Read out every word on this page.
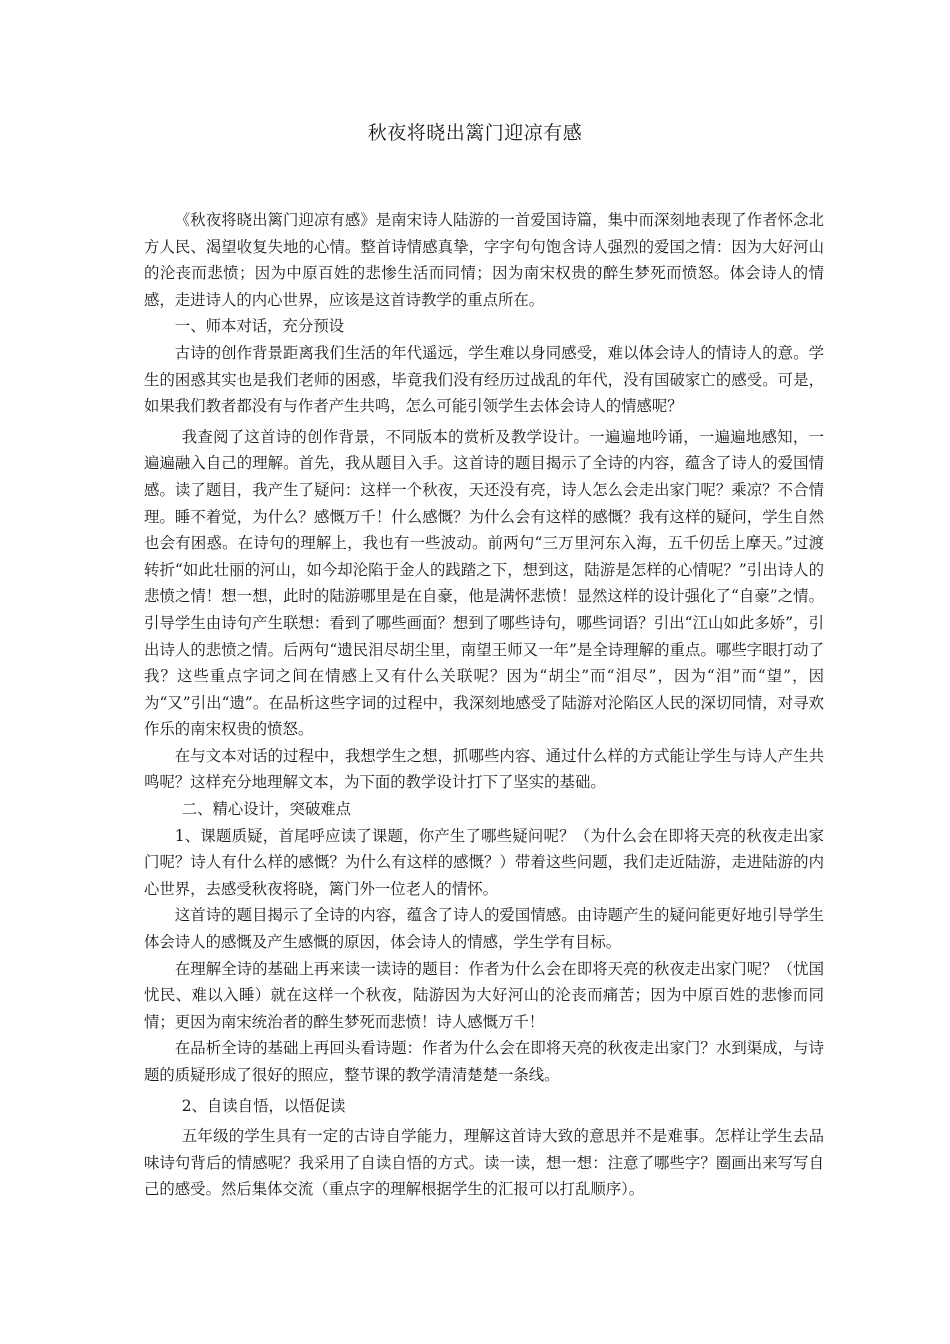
秋夜将晓出篱门迎凉有感

《秋夜将晓出篱门迎凉有感》是南宋诗人陆游的一首爱国诗篇，集中而深刻地表现了作者怀念北方人民、渴望收复失地的心情。整首诗情感真挚，字字句句饱含诗人强烈的爱国之情：因为大好河山的沦丧而悲愤；因为中原百姓的悲惨生活而同情；因为南宋权贵的醉生梦死而愤怒。体会诗人的情感，走进诗人的内心世界，应该是这首诗教学的重点所在。

一、师本对话，充分预设

古诗的创作背景距离我们生活的年代遥远，学生难以身同感受，难以体会诗人的情诗人的意。学生的困惑其实也是我们老师的困惑，毕竟我们没有经历过战乱的年代，没有国破家亡的感受。可是，如果我们教者都没有与作者产生共鸣，怎么可能引领学生去体会诗人的情感呢？

我查阅了这首诗的创作背景，不同版本的赏析及教学设计。一遍遍地吟诵，一遍遍地感知，一遍遍融入自己的理解。首先，我从题目入手。这首诗的题目揭示了全诗的内容，蕴含了诗人的爱国情感。读了题目，我产生了疑问：这样一个秋夜，天还没有亮，诗人怎么会走出家门呢？乘凉？不合情理。睡不着觉，为什么？感慨万千！什么感慨？为什么会有这样的感慨？我有这样的疑问，学生自然也会有困惑。在诗句的理解上，我也有一些波动。前两句“三万里河东入海，五千仞岳上摩天。”过渡转折“如此壮丽的河山，如今却沦陷于金人的践踏之下，想到这，陆游是怎样的心情呢？”引出诗人的悲愤之情！想一想，此时的陆游哪里是在自豪，他是满怀悲愤！显然这样的设计强化了“自豪”之情。引导学生由诗句产生联想：看到了哪些画面？想到了哪些诗句，哪些词语？引出“江山如此多娇”，引出诗人的悲愤之情。后两句“遗民泪尽胡尘里，南望王师又一年”是全诗理解的重点。哪些字眼打动了我？这些重点字词之间在情感上又有什么关联呢？因为“胡尘”而“泪尽”，因为“泪”而“望”，因为“又”引出“遗”。在品析这些字词的过程中，我深刻地感受了陆游对沦陷区人民的深切同情，对寻欢作乐的南宋权贵的愤怒。

在与文本对话的过程中，我想学生之想，抓哪些内容、通过什么样的方式能让学生与诗人产生共鸣呢？这样充分地理解文本，为下面的教学设计打下了坚实的基础。

二、精心设计，突破难点

1、课题质疑，首尾呼应读了课题，你产生了哪些疑问呢？（为什么会在即将天亮的秋夜走出家门呢？诗人有什么样的感慨？为什么有这样的感慨？）带着这些问题，我们走近陆游，走进陆游的内心世界，去感受秋夜将晓，篱门外一位老人的情怀。

这首诗的题目揭示了全诗的内容，蕴含了诗人的爱国情感。由诗题产生的疑问能更好地引导学生体会诗人的感慨及产生感慨的原因，体会诗人的情感，学生学有目标。

在理解全诗的基础上再来读一读诗的题目：作者为什么会在即将天亮的秋夜走出家门呢？（忧国忧民、难以入睡）就在这样一个秋夜，陆游因为大好河山的沦丧而痛苦；因为中原百姓的悲惨而同情；更因为南宋统治者的醉生梦死而悲愤！诗人感慨万千！

在品析全诗的基础上再回头看诗题：作者为什么会在即将天亮的秋夜走出家门？水到渠成，与诗题的质疑形成了很好的照应，整节课的教学清清楚楚一条线。

2、自读自悟，以悟促读

五年级的学生具有一定的古诗自学能力，理解这首诗大致的意思并不是难事。怎样让学生去品味诗句背后的情感呢？我采用了自读自悟的方式。读一读，想一想：注意了哪些字？圈画出来写写自己的感受。然后集体交流（重点字的理解根据学生的汇报可以打乱顺序）。
